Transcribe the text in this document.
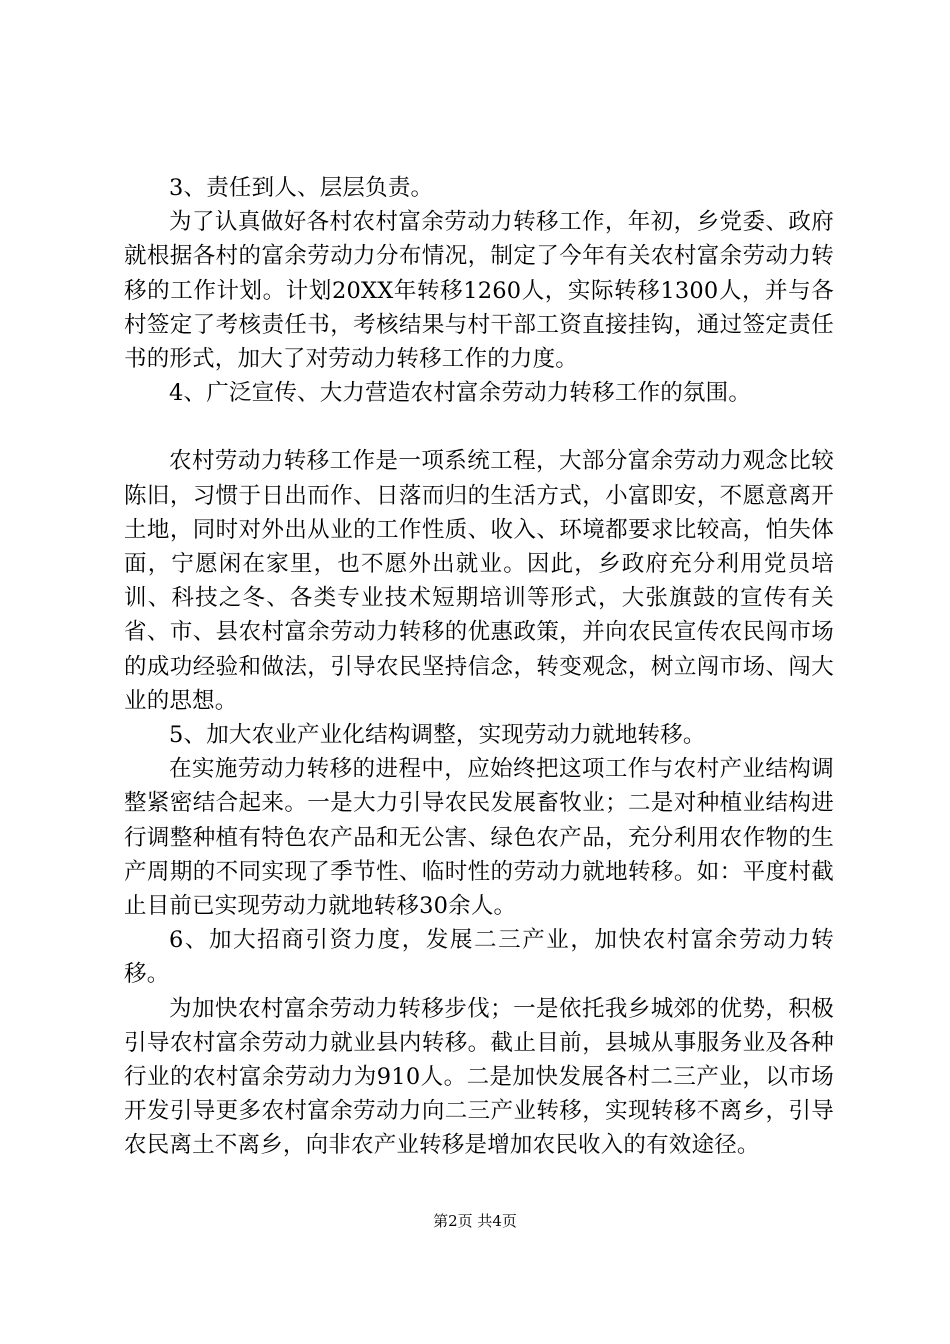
3、责任到人、层层负责。

为了认真做好各村农村富余劳动力转移工作，年初，乡党委、政府就根据各村的富余劳动力分布情况，制定了今年有关农村富余劳动力转移的工作计划。计划20XX年转移1260人，实际转移1300人，并与各村签定了考核责任书，考核结果与村干部工资直接挂钩，通过签定责任书的形式，加大了对劳动力转移工作的力度。

4、广泛宣传、大力营造农村富余劳动力转移工作的氛围。

农村劳动力转移工作是一项系统工程，大部分富余劳动力观念比较陈旧，习惯于日出而作、日落而归的生活方式，小富即安，不愿意离开土地，同时对外出从业的工作性质、收入、环境都要求比较高，怕失体面，宁愿闲在家里，也不愿外出就业。因此，乡政府充分利用党员培训、科技之冬、各类专业技术短期培训等形式，大张旗鼓的宣传有关省、市、县农村富余劳动力转移的优惠政策，并向农民宣传农民闯市场的成功经验和做法，引导农民坚持信念，转变观念，树立闯市场、闯大业的思想。

5、加大农业产业化结构调整，实现劳动力就地转移。

在实施劳动力转移的进程中，应始终把这项工作与农村产业结构调整紧密结合起来。一是大力引导农民发展畜牧业；二是对种植业结构进行调整种植有特色农产品和无公害、绿色农产品，充分利用农作物的生产周期的不同实现了季节性、临时性的劳动力就地转移。如：平度村截止目前已实现劳动力就地转移30余人。

6、加大招商引资力度，发展二三产业，加快农村富余劳动力转移。

为加快农村富余劳动力转移步伐；一是依托我乡城郊的优势，积极引导农村富余劳动力就业县内转移。截止目前，县城从事服务业及各种行业的农村富余劳动力为910人。二是加快发展各村二三产业，以市场开发引导更多农村富余劳动力向二三产业转移，实现转移不离乡，引导农民离土不离乡，向非农产业转移是增加农民收入的有效途径。

第2页 共4页
